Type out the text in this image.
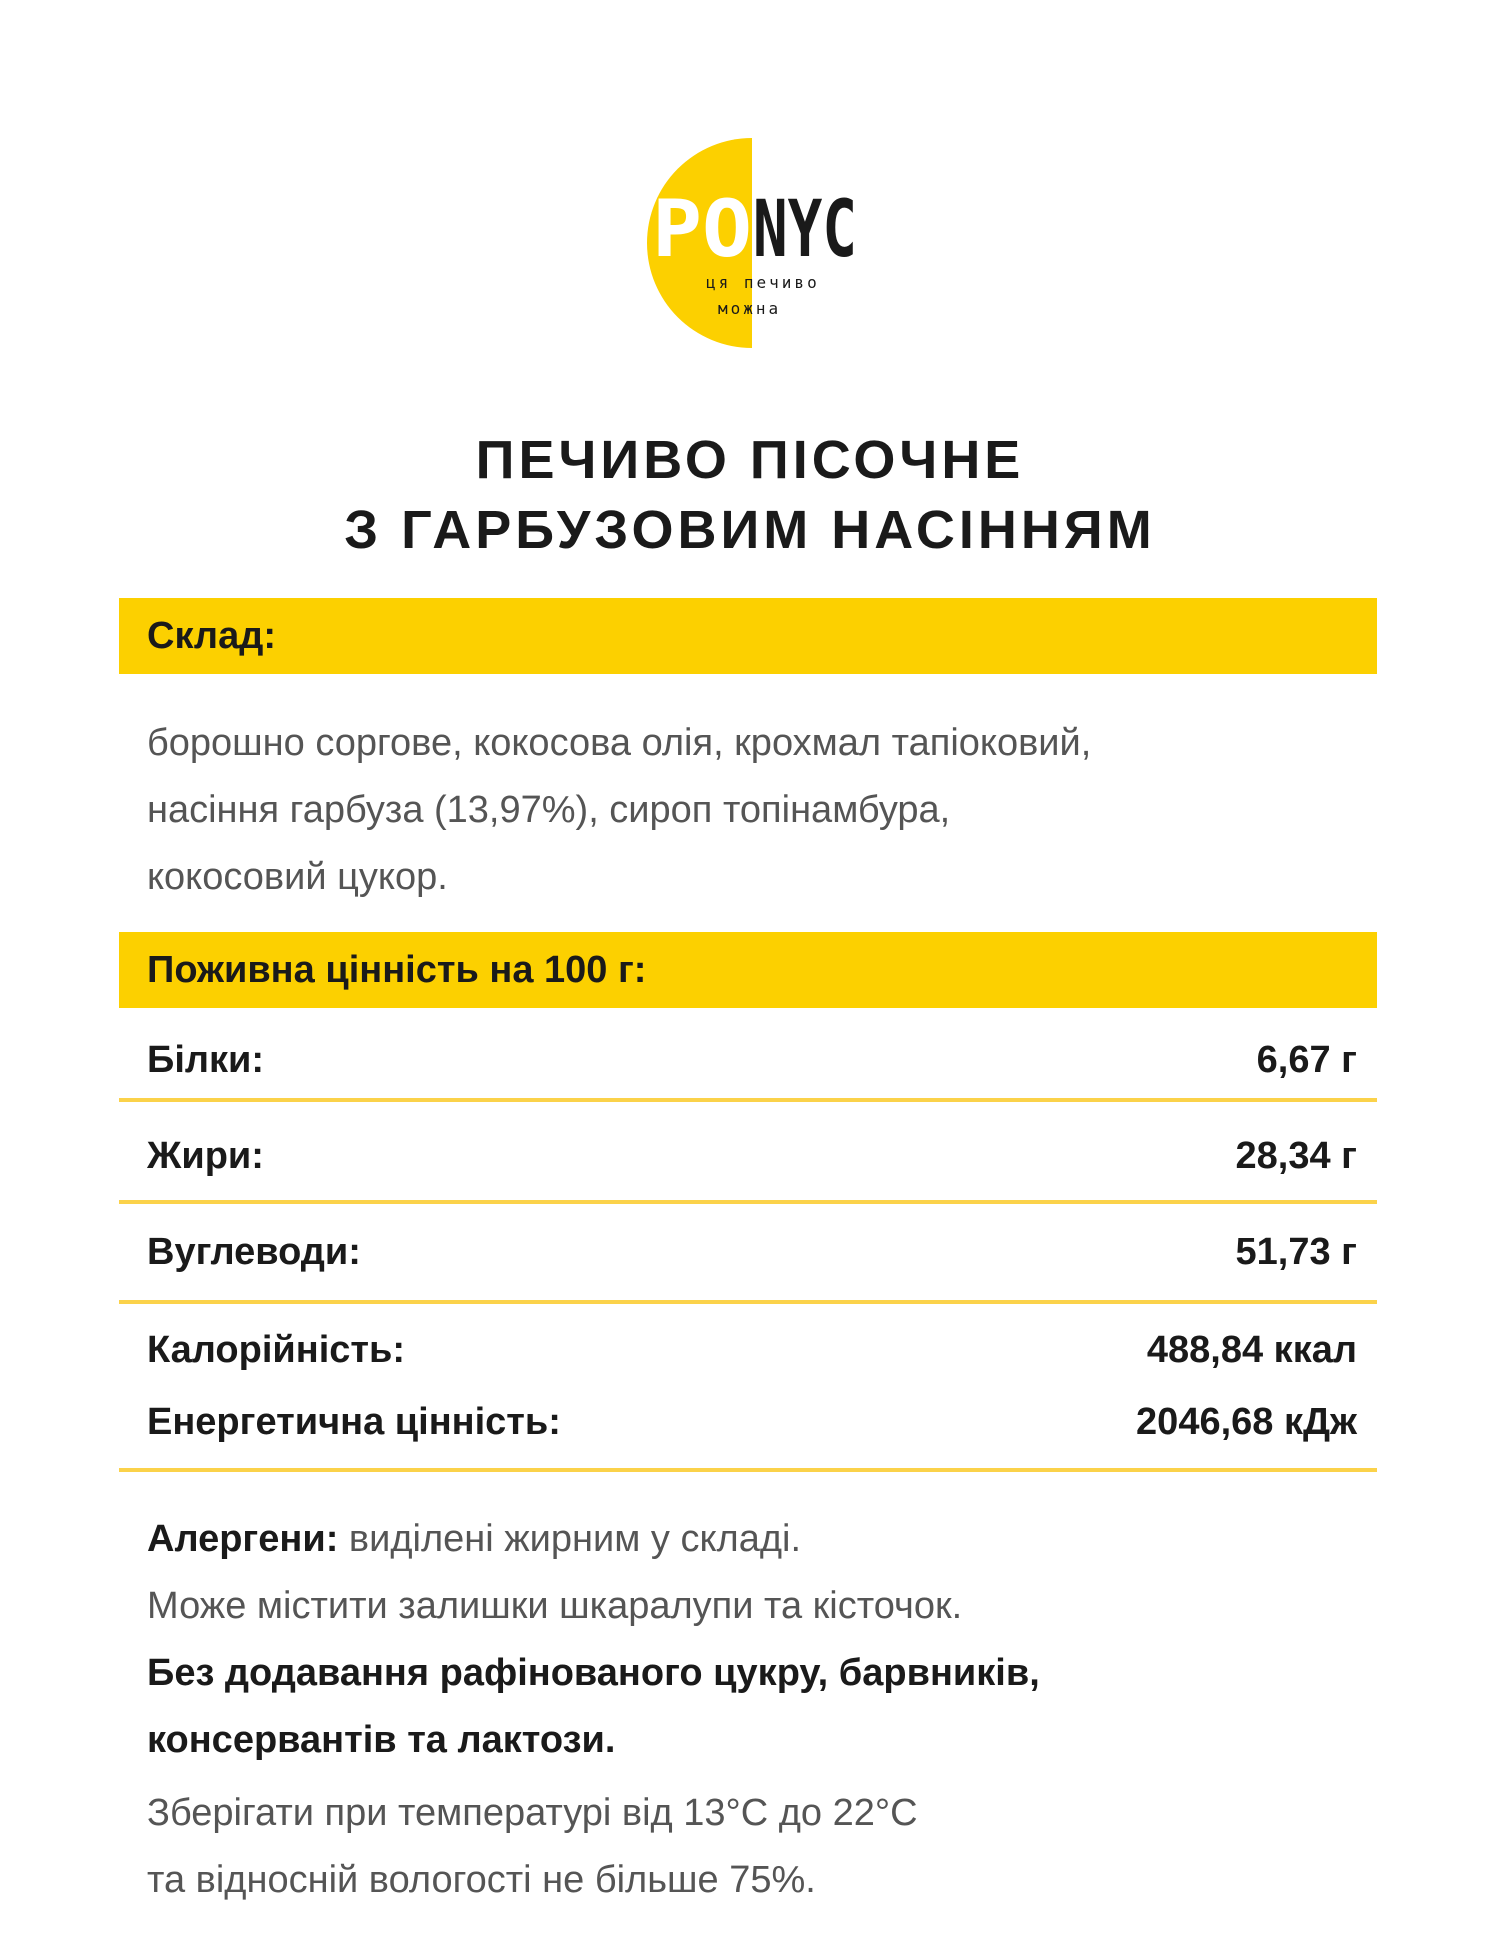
PO NYC
ця печиво
можна
ПЕЧИВО ПІСОЧНЕ
З ГАРБУЗОВИМ НАСІННЯМ
Склад:
борошно соргове, кокосова олія, крохмал тапіоковий,
насіння гарбуза (13,97%), сироп топінамбура,
кокосовий цукор.
Поживна цінність на 100 г:
Білки:	6,67 г
Жири:	28,34 г
Вуглеводи:	51,73 г
Калорійність:	488,84 ккал
Енергетична цінність:	2046,68 кДж

Алергени: виділені жирним у складі.

Може містити залишки шкаралупи та кісточок.

Без додавання рафінованого цукру, барвників,

консервантів та лактози.

Зберігати при температурі від 13°С до 22°С

та відносній вологості не більше 75%.
